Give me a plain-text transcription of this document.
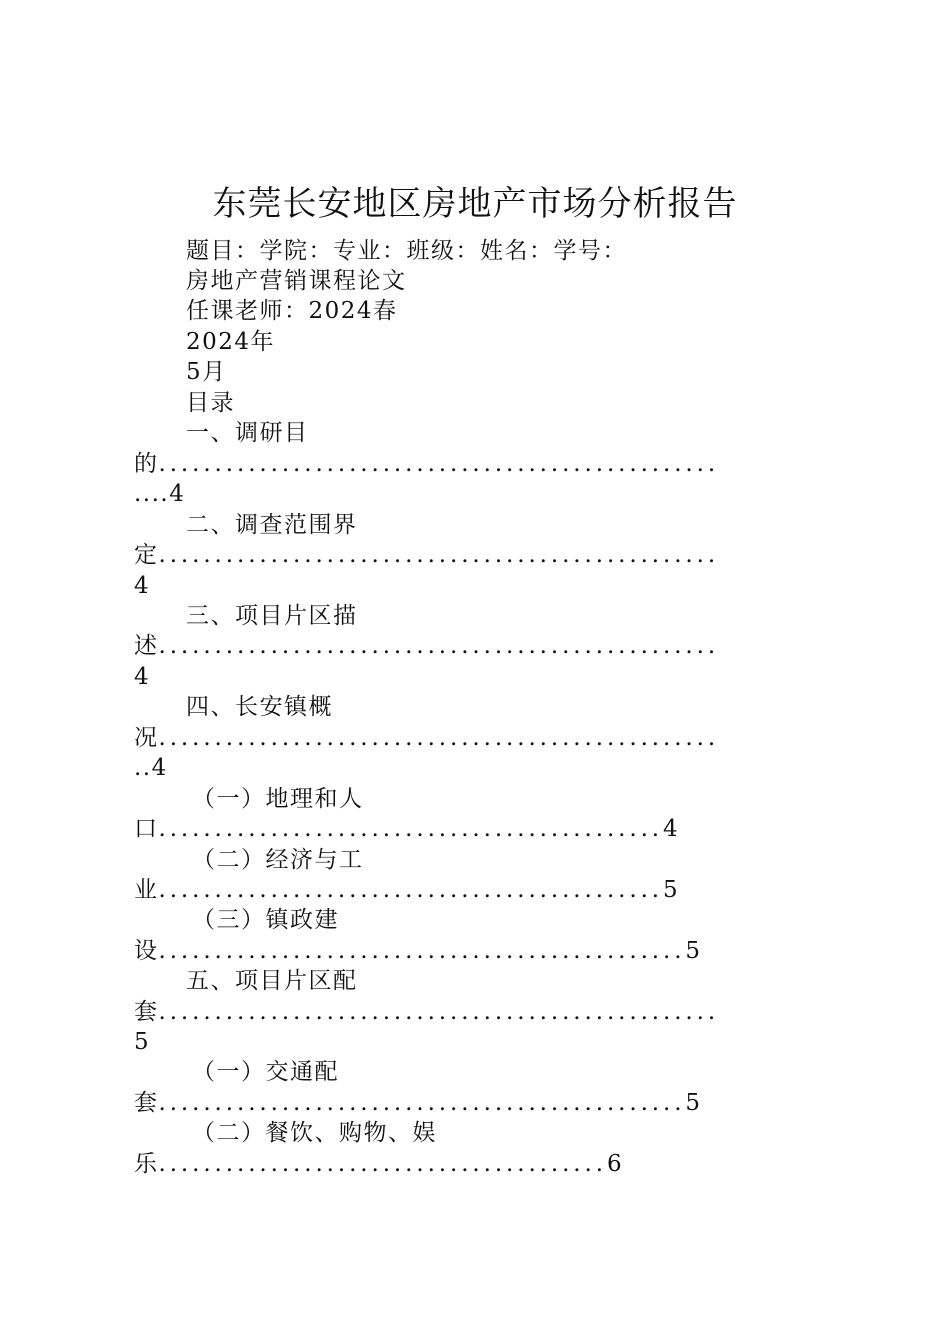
东莞长安地区房地产市场分析报告
题目：学院：专业：班级：姓名：学号：
房地产营销课程论文
任课老师：2024春
2024年
5月
目录
一、调研目
的..................................................
....4
二、调查范围界
定..................................................
4
三、项目片区描
述..................................................
4
四、长安镇概
况..................................................
..4
（一）地理和人
口.............................................4
（二）经济与工
业.............................................5
（三）镇政建
设...............................................5
五、项目片区配
套..................................................
5
（一）交通配
套...............................................5
（二）餐饮、购物、娱
乐........................................6
